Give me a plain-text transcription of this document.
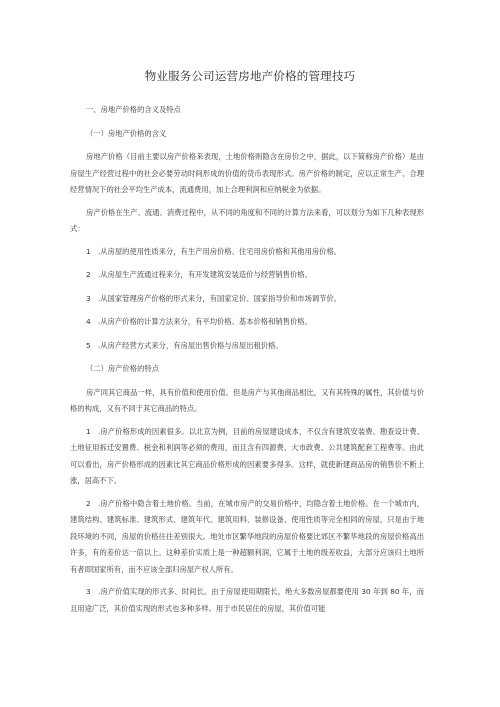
物业服务公司运营房地产价格的管理技巧
一、房地产价格的含义及特点
（一）房地产价格的含义
房地产价格（目前主要以房产价格来表现，土地价格则隐含在房价之中，据此，以下简称房产价格）是由房屋生产经营过程中的社会必要劳动时间形成的价值的货币表现形式。房产价格的制定，应以正常生产、合理经营情况下的社会平均生产成本，流通费用，加上合理利润和应纳税金为依据。
房产价格在生产、流通、消费过程中，从不同的角度和不同的计算方法来看，可以划分为如下几种表现形式：
1　.从房屋的使用性质来分，有生产用房价格、住宅用房价格和其他用房价格。
2　.从房屋生产流通过程来分，有开发建筑安装造价与经营销售价格。
3　.从国家管理房产价格的形式来分，有国家定价、国家指导价和市场调节价。
4　.从房产价格的计算方法来分，有平均价格、基本价格和销售价格。
5　.从房产经营方式来分，有房屋出售价格与房屋出租价格。
（二）房产价格的特点
房产同其它商品一样，具有价值和使用价值。但是房产与其他商品相比，又有其特殊的属性，其价值与价格的构成，又有不同于其它商品的特点。
1　.房产价格形成的因素很多。以北京为例，目前的房屋建设成本，不仅含有建筑安装费、勘查设计费、土地征用拆迁安置费、税金和利润等必须的费用，而且含有四源费、大市政费、公共建筑配套工程费等。由此可以看出，房产价格形成的因素比其它商品价格形成的因素要多得多。这样，就使新建商品房的销售价不断上涨，居高不下。
2　.房产价格中隐含着土地价格。当前，在城市房产的交易价格中，均隐含着土地价格。在一个城市内，建筑结构、建筑标准、建筑形式、建筑年代、建筑用料、装修设备、使用性质等完全相同的房屋，只是由于地段环境的不同，房屋的价格往往差别很大。地处市区繁华地段的房屋价格要比郊区不繁华地段的房屋价格高出许多，有的差价达一倍以上。这种差价实质上是一种超额利润，它属于土地的级差收益，大部分应该归土地所有者即国家所有，而不应该全部归房屋产权人所有。
3　.房产价值实现的形式多、时间长。由于房屋使用期限长，绝大多数房屋都要使用 30 年到 80 年，而且用途广泛，其价值实现的形式也多种多样。用于市民居住的房屋，其价值可能
